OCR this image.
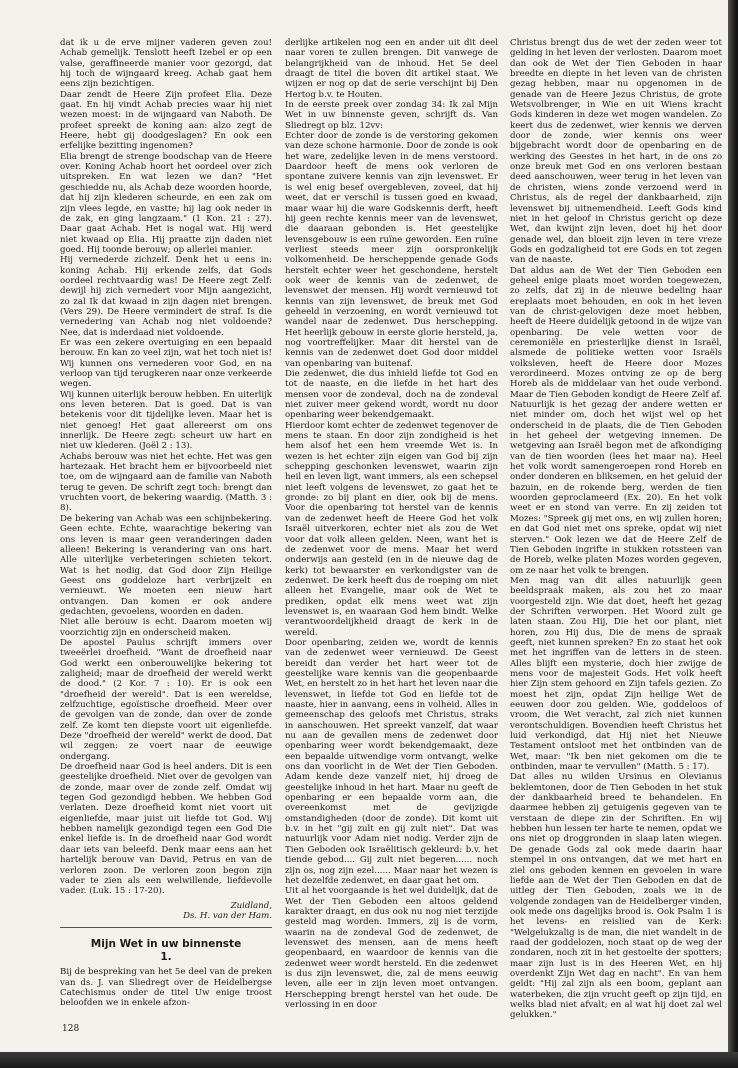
dat ik u de erve mijner vaderen geven zou! Achab gemelijk. Tenslott heeft Izebel er op een valse, geraffineerde manier voor gezorgd, dat hij toch de wijngaard kreeg. Achab gaat hem eens zijn bezichtigen.

Daar zendt de Heere Zijn profeet Elia. Deze gaat. En hij vindt Achab precies waar hij niet wezen moest: in de wijngaard van Naboth. De profeet spreekt de koning aan: alzo zegt de Heere, hebt gij doodgeslagen? En ook een erfelijke bezitting ingenomen?

Elia brengt de strenge boodschap van de Heere over. Koning Achab hoort het oordeel over zich uitspreken. En wat lezen we dan? "Het geschiedde nu, als Achab deze woorden hoorde, dat hij zijn klederen scheurde, en een zak om zijn vlees legde, en vastte; hij lag ook neder in de zak, en ging langzaam." (1 Kon. 21 : 27). Daar gaat Achab. Het is nogal wat. Hij werd niet kwaad op Elia. Hij praatte zijn daden niet goed. Hij toonde berouw; op allerlei manier.

Hij vernederde zichzelf. Denk het u eens in: koning Achab. Hij erkende zelfs, dat Gods oordeel rechtvaardig was! De Heere zegt Zelf: dewijl hij zich vernedert voor Mijn aangezicht, zo zal Ik dat kwaad in zijn dagen niet brengen. (Vers 29). De Heere vermindert de straf. Is die vernedering van Achab nog niet voldoende? Nee, dat is inderdaad niet voldoende.

Er was een zekere overtuiging en een bepaald berouw. En kan zo veel zijn, wat het toch niet is! Wij kunnen ons vernederen voor God, en na verloop van tijd terugkeren naar onze verkeerde wegen.

Wij kunnen uiterlijk berouw hebben. En uiterlijk ons leven beteren. Dat is goed. Dat is van betekenis voor dit tijdelijke leven. Maar het is niet genoeg! Het gaat allereerst om ons innerlijk. De Heere zegt: scheurt uw hart en niet uw klederen. (Joël 2 : 13).

Achabs berouw was niet het echte. Het was gen hartezaak. Het bracht hem er bijvoorbeeld niet toe, om de wijngaard aan de familie van Naboth terug te geven. De schrift zegt toch: brengt dan vruchten voort, de bekering waardig. (Matth. 3 : 8).

De bekering van Achab was een schijnbekering. Geen echte. Echte, waarachtige bekering van ons leven is maar geen veranderingen daden alleen! Bekering is verandering van ons hart. Alle uiterlijke verbeteringen schieten tekort. Wat is het nodig, dat God door Zijn Heilige Geest ons goddeloze hart verbrijzelt en vernieuwt. We moeten een nieuw hart ontvangen. Dan komen er ook andere gedachten, gevoelens, woorden en daden.

Niet alle berouw is echt. Daarom moeten wij voorzichtig zijn en onderscheid maken.

De apostel Paulus schrijft immers over tweeërlei droefheid. "Want de droefheid naar God werkt een onberouwelijke bekering tot zaligheid; maar de droefheid der wereld werkt de dood." (2 Kor. 7 : 10). Er is ook een "droefheid der wereld". Dat is een wereldse, zelfzuchtige, egoïstische droefheid. Meer over de gevolgen van de zonde, dan over de zonde zelf. Ze komt ten diepste voort uit eigenliefde. Deze "droefheid der wereld" werkt de dood. Dat wil zeggen: ze voert naar de eeuwige ondergang.

De droefheid naar God is heel anders. Dit is een geestelijke droefheid. Niet over de gevolgen van de zonde, maar over de zonde zelf. Omdat wij tegen God gezondigd hebben. We hebben God verlaten. Deze droefheid komt niet voort uit eigenliefde, maar juist uit liefde tot God. Wij hebben namelijk gezondigd tegen een God Die enkel liefde is. In de droefheid naar God wordt daar iets van beleefd. Denk maar eens aan het hartelijk berouw van David, Petrus en van de verloren zoon. De verloren zoon begon zijn vader te zien als een welwillende, liefdevolle vader. (Luk. 15 : 17-20).

Zuidland,

Ds. H. van der Ham.

Mijn Wet in uw binnenste
1.

Bij de bespreking van het 5e deel van de preken van ds. J. van Sliedregt over de Heidelbergse Catechismus onder de titel Uw enige troost beloofden we in enkele afzon-

derlijke artikelen nog een en ander uit dit deel naar voren te zullen brengen. Dit vanwege de belangrijkheid van de inhoud. Het 5e deel draagt de titel die boven dit artikel staat. We wijzen er nog op dat de serie verschijnt bij Den Hertog b.v. te Houten.

In de eerste preek over zondag 34: Ik zal Mijn Wet in uw binnenste geven, schrijft ds. Van Sliedregt op blz. 12vv:

Echter door de zonde is de verstoring gekomen van deze schone harmonie. Door de zonde is ook het ware, zedelijke leven in de mens verstoord. Daardoor heeft de mens ook verloren de spontane zuivere kennis van zijn levenswet. Er is wel enig besef overgebleven, zoveel, dat hij weet, dat er verschil is tussen goed en kwaad, maar waar hij die ware Godskennis derft, heeft hij geen rechte kennis meer van de levenswet, die daaraan gebonden is. Het geestelijke levensgebouw is een ruïne geworden. Een ruïne verliest steeds meer zijn oorspronkelijk volkomenheid. De herscheppende genade Gods herstelt echter weer het geschondene, herstelt ook weer de kennis van de zedenwet, de levenswet der mensen. Hij wordt vernieuwd tot kennis van zijn levenswet, de breuk met God geheeld in verzoening, en wordt vernieuwd tot wandel naar de zedenwet. Dus herschepping. Het heerlijk gebouw in eerste glorie hersteld, ja, nog voortreffelijker. Maar dit herstel van de kennis van de zedenwet doet God door middel van openbaring van buitenaf.

Die zedenwet, die dus inhield liefde tot God en tot de naaste, en die liefde in het hart des mensen voor de zondeval, doch na de zondeval niet zuiver meer gekend wordt, wordt nu door openbaring weer bekendgemaakt.

Hierdoor komt echter de zedenwet tegenover de mens te staan. En door zijn zondigheid is het hem alsof het een hem vreemde Wet is. In wezen is het echter zijn eigen van God bij zijn schepping geschonken levenswet, waarin zijn heil en leven ligt, want immers, als een schepsel niet leeft volgens de levenswet, zo gaat het te gronde: zo bij plant en dier, ook bij de mens. Voor die openbaring tot herstel van de kennis van de zedenwet heeft de Heere God het volk Israël uitverkoren, echter niet als zou de Wet voor dat volk alleen gelden. Neen, want het is de zedenwet voor de mens. Maar het werd onderwijs aan gesteld (en in de nieuwe dag de kerk) tot bewaarster en verkondigster van de zedenwet. De kerk heeft dus de roeping om niet alleen het Evangelie, maar ook de Wet te prediken, opdat elk mens weet wat zijn levenswet is, en waaraan God hem bindt. Welke verantwoordelijkheid draagt de kerk in de wereld.

Door openbaring, zeiden we, wordt de kennis van de zedenwet weer vernieuwd. De Geest bereidt dan verder het hart weer tot de geestelijke ware kennis van die geopenbaarde Wet, en herstelt zo in het hart het leven naar die levenswet, in liefde tot God en liefde tot de naaste, hier in aanvang, eens in volheid. Alles in gemeenschap des geloofs met Christus, straks in aanschouwen. Het spreekt vanzelf, dat waar nu aan de gevallen mens de zedenwet door openbaring weer wordt bekendgemaakt, deze een bepaalde uitwendige vorm ontvangt, welke ons dan voorlicht in de Wet der Tien Geboden. Adam kende deze vanzelf niet, hij droeg de geestelijke inhoud in het hart. Maar nu geeft de openbaring er een bepaalde vorm aan, die overeenkomst met de gevijzigde omstandigheden (door de zonde). Dit komt uit b.v. in het "gij zult en gij zult niet". Dat was natuurlijk voor Adam niet nodig. Verder zijn de Tien Geboden ook Israëlitisch gekleurd: b.v. het tiende gebod.... Gij zult niet begeren...... noch zijn os, nog zijn ezel...... Maar naar het wezen is het dezelfde zedenwet, en daar gaat het om.

Uit al het voorgaande is het wel duidelijk, dat de Wet der Tien Geboden een altoos geldend karakter draagt, en dus ook nu nog niet terzijde gesteld mag worden. Immers, zij is de vorm, waarin na de zondeval God de zedenwet, de levenswet des mensen, aan de mens heeft geopenbaard, en waardoor de kennis van die zedenwet weer wordt hersteld. En die zedenwet is dus zijn levenswet, die, zal de mens eeuwig leven, alle eer in zijn leven moet ontvangen. Herschepping brengt herstel van het oude. De verlossing in en door

Christus brengt dus de wet der zeden weer tot gelding in het leven der verlosten. Daarom moet dan ook de Wet der Tien Geboden in haar breedte en diepte in het leven van de christen gezag hebben, maar nu opgenomen in de genade van de Heere Jezus Christus, de grote Wetsvolbrenger, in Wie en uit Wiens kracht Gods kinderen in deze wet mogen wandelen. Zo keert dus de zedenwet, wier kennis we derven door de zonde, wier kennis ons weer bijgebracht wordt door de openbaring en de werking des Geestes in het hart, in de ons zo onze breuk met God en ons verloren bestaan deed aanschouwen, weer terug in het leven van de christen, wiens zonde verzoend werd in Christus, als de regel der dankbaarheid, zijn levenswet bij uitnemendheid. Leeft Gods kind niet in het geloof in Christus gericht op deze Wet, dan kwijnt zijn leven, doet hij het door genade wel, dan bloeit zijn leven in tere vreze Gods en godzaligheid tot ere Gods en tot zegen van de naaste.

Dat aldus aan de Wet der Tien Geboden een geheel enige plaats moet worden toegewezen, zo zelfs, dat zij in de nieuwe bedeling haar ereplaats moet behouden, en ook in het leven van de christ-gelovigen deze moet hebben, heeft de Heere duidelijk getoond in de wijze van openbaring. De vele wetten voor de ceremoniële en priesterlijke dienst in Israël, alsmede de politieke wetten voor Israëls volksleven, heeft de Heere door Mozes verordineerd. Mozes ontving ze op de berg Horeb als de middelaar van het oude verbond. Maar de Tien Geboden kondigt de Heere Zelf af. Natuurlijk is het gezag der andere wetten er niet minder om, doch het wijst wel op het onderscheid in de plaats, die de Tien Geboden in het geheel der wetgeving innemen. De wetgeving aan Israël begon met de afkondiging van de tien woorden (lees het maar na). Heel het volk wordt samengeroepen rond Horeb en onder donderen en bliksemen, en het geluid der bazuin, en de rokende berg, werden de tien woorden geproclameerd (Ex. 20). En het volk weet er en stond van verre. En zij zeiden tot Mozes: "Spreek gij met ons, en wij zullen horen; en dat God niet met ons spreke, opdat wij niet sterven." Ook lezen we dat de Heere Zelf de Tien Geboden ingrifte in stukken rotssteen van de Horeb, welke platen Mozes worden gegeven, om ze naar het volk te brengen.

Men mag van dit alles natuurlijk geen beeldspraak maken, als zou het zo maar voorgesteld zijn. Wie dat doet, heeft het gezag der Schriften verworpen. Het Woord zult ge laten staan. Zou Hij, Die het oor plant, niet horen, zou Hij dus, Die de mens de spraak geeft, niet kunnen spreken? En zo staat het ook met het ingriffen van de letters in de steen. Alles blijft een mysterie, doch hier zwijge de mens voor de majesteit Gods. Het volk heeft hier Zijn stem gehoord en Zijn tafels gezien. Zo moest het zijn, opdat Zijn heilige Wet de eeuwen door zou gelden. Wie, goddeloos of vroom, die Wet veracht, zal zich niet kunnen verontschuldigen. Bovendien heeft Christus het luid verkondigd, dat Hij niet het Nieuwe Testament ontsloot met het ontbinden van de Wet, maar: "Ik ben niet gekomen om die te ontbinden, maar te vervullen" (Matth. 5 : 17).

Dat alles nu wilden Ursinus en Olevianus beklemtonen, door de Tien Geboden in het stuk der dankbaarheid breed te behandelen. En daarmee hebben zij getuigenis gegeven van te verstaan de diepe zin der Schriften. En wij hebben hun lessen ter harte te nemen, opdat we ons niet op droggronden in slaap laten wiegen. De genade Gods zal ook mede daarin haar stempel in ons ontvangen, dat we met hart en ziel ons geboden kennen en gevoelen in ware liefde aan de Wet der Tien Geboden en dat de uitleg der Tien Geboden, zoals we in de volgende zondagen van de Heidelberger vinden, ook mede ons dagelijks brood is. Ook Psalm 1 is het levens- en reislied van de Kerk: "Welgelukzalig is de man, die niet wandelt in de raad der goddelozen, noch staat op de weg der zondaren, noch zit in het gestoelte der spotters; maar zijn lust is in des Heeren Wet, en hij overdenkt Zijn Wet dag en nacht". En van hem geldt: "Hij zal zijn als een boom, geplant aan waterbeken, die zijn vrucht geeft op zijn tijd, en welks blad niet afvalt; en al wat hij doet zal wel gelukken."

128
